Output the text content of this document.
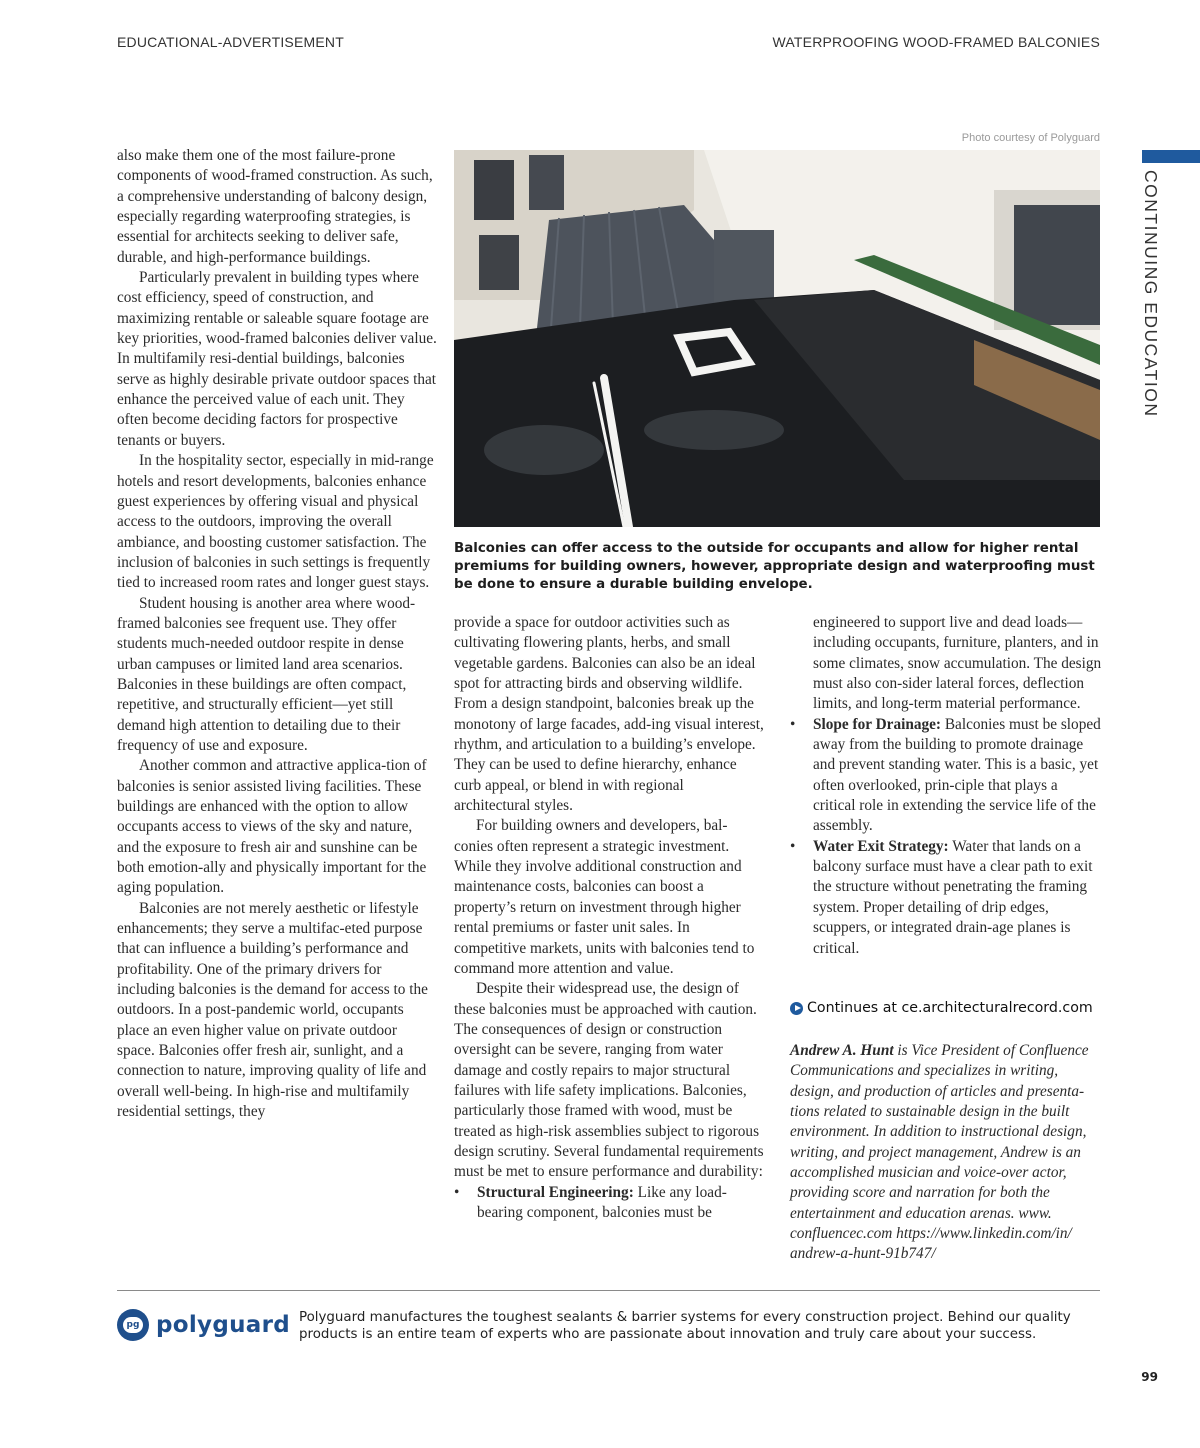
EDUCATIONAL-ADVERTISEMENT	WATERPROOFING WOOD-FRAMED BALCONIES
CONTINUING EDUCATION

also make them one of the most failure-prone components of wood-framed construction. As such, a comprehensive understanding of balcony design, especially regarding waterproofing strategies, is essential for architects seeking to deliver safe, durable, and high-performance buildings.

Particularly prevalent in building types where cost efficiency, speed of construction, and maximizing rentable or saleable square footage are key priorities, wood-framed balconies deliver value. In multifamily resi-dential buildings, balconies serve as highly desirable private outdoor spaces that enhance the perceived value of each unit. They often become deciding factors for prospective tenants or buyers.

In the hospitality sector, especially in mid-range hotels and resort developments, balconies enhance guest experiences by offering visual and physical access to the outdoors, improving the overall ambiance, and boosting customer satisfaction. The inclusion of balconies in such settings is frequently tied to increased room rates and longer guest stays.

Student housing is another area where wood-framed balconies see frequent use. They offer students much-needed outdoor respite in dense urban campuses or limited land area scenarios. Balconies in these buildings are often compact, repetitive, and structurally efficient—yet still demand high attention to detailing due to their frequency of use and exposure.

Another common and attractive applica-tion of balconies is senior assisted living facilities. These buildings are enhanced with the option to allow occupants access to views of the sky and nature, and the exposure to fresh air and sunshine can be both emotion-ally and physically important for the aging population.

Balconies are not merely aesthetic or lifestyle enhancements; they serve a multifac-eted purpose that can influence a building’s performance and profitability. One of the primary drivers for including balconies is the demand for access to the outdoors. In a post-pandemic world, occupants place an even higher value on private outdoor space. Balconies offer fresh air, sunlight, and a connection to nature, improving quality of life and overall well-being. In high-rise and multifamily residential settings, they

Photo courtesy of Polyguard
Balconies can offer access to the outside for occupants and allow for higher rental premiums for building owners, however, appropriate design and waterproofing must be done to ensure a durable building envelope.

provide a space for outdoor activities such as cultivating flowering plants, herbs, and small vegetable gardens. Balconies can also be an ideal spot for attracting birds and observing wildlife. From a design standpoint, balconies break up the monotony of large facades, add-ing visual interest, rhythm, and articulation to a building’s envelope. They can be used to define hierarchy, enhance curb appeal, or blend in with regional architectural styles.

For building owners and developers, bal-conies often represent a strategic investment. While they involve additional construction and maintenance costs, balconies can boost a property’s return on investment through higher rental premiums or faster unit sales. In competitive markets, units with balconies tend to command more attention and value.

Despite their widespread use, the design of these balconies must be approached with caution. The consequences of design or construction oversight can be severe, ranging from water damage and costly repairs to major structural failures with life safety implications. Balconies, particularly those framed with wood, must be treated as high-risk assemblies subject to rigorous design scrutiny. Several fundamental requirements must be met to ensure performance and durability:

• Structural Engineering: Like any load-bearing component, balconies must be

engineered to support live and dead loads—including occupants, furniture, planters, and in some climates, snow accumulation. The design must also con-sider lateral forces, deflection limits, and long-term material performance.

• Slope for Drainage: Balconies must be sloped away from the building to promote drainage and prevent standing water. This is a basic, yet often overlooked, prin-ciple that plays a critical role in extending the service life of the assembly.
• Water Exit Strategy: Water that lands on a balcony surface must have a clear path to exit the structure without penetrating the framing system. Proper detailing of drip edges, scuppers, or integrated drain-age planes is critical.
Continues at ce.architecturalrecord.com
Andrew A. Hunt is Vice President of Confluence Communications and specializes in writing, design, and production of articles and presenta-tions related to sustainable design in the built environment. In addition to instructional design, writing, and project management, Andrew is an accomplished musician and voice-over actor, providing score and narration for both the entertainment and education arenas. www. confluencec.com https://www.linkedin.com/in/ andrew-a-hunt-91b747/
pg polyguard Polyguard manufactures the toughest sealants & barrier systems for every construction project. Behind our quality products is an entire team of experts who are passionate about innovation and truly care about your success.
99
